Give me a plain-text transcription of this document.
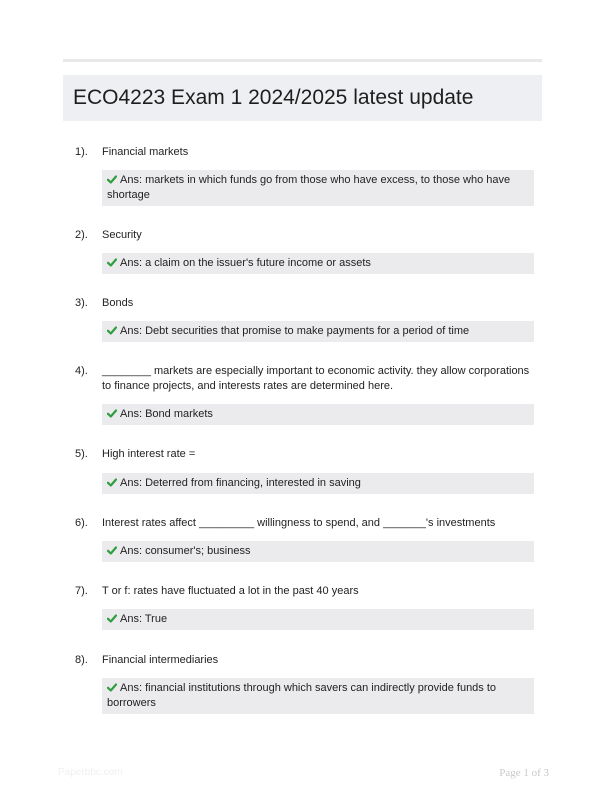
ECO4223 Exam 1 2024/2025 latest update
1). Financial markets
Ans: markets in which funds go from those who have excess, to those who have shortage
2). Security
Ans: a claim on the issuer's future income or assets
3). Bonds
Ans: Debt securities that promise to make payments for a period of time
4). ________ markets are especially important to economic activity. they allow corporations to finance projects, and interests rates are determined here.
Ans: Bond markets
5). High interest rate =
Ans: Deterred from financing, interested in saving
6). Interest rates affect _________ willingness to spend, and _______'s investments
Ans: consumer's; business
7). T or f: rates have fluctuated a lot in the past 40 years
Ans: True
8). Financial intermediaries
Ans: financial institutions through which savers can indirectly provide funds to borrowers
Paperbbc.com	Page 1 of 3
